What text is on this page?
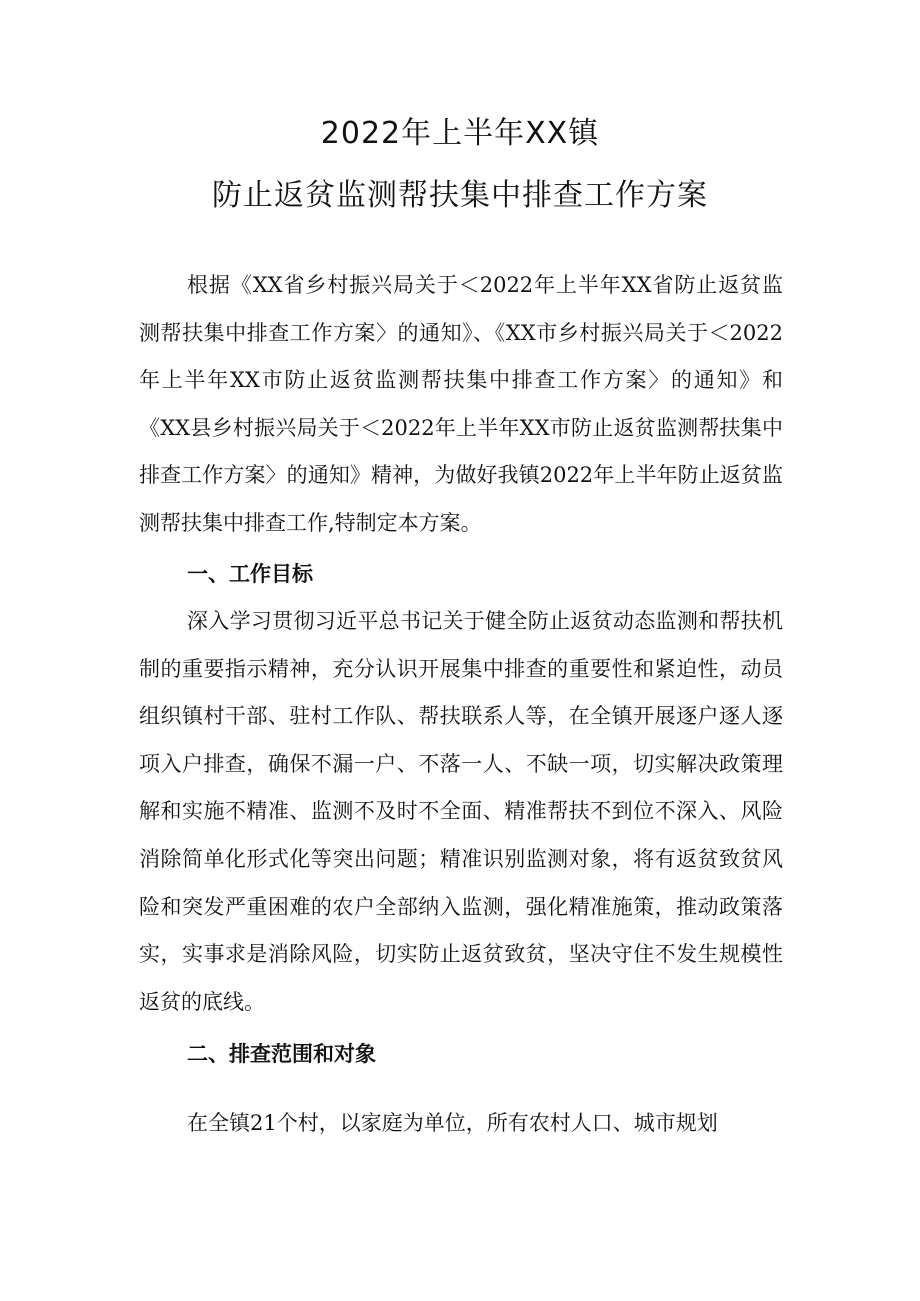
2022年上半年XX镇
防止返贫监测帮扶集中排查工作方案

根据《XX省乡村振兴局关于＜2022年上半年XX省防止返贫监测帮扶集中排查工作方案〉的通知》、《XX市乡村振兴局关于＜2022年上半年XX市防止返贫监测帮扶集中排查工作方案〉的通知》和《XX县乡村振兴局关于＜2022年上半年XX市防止返贫监测帮扶集中排查工作方案〉的通知》精神，为做好我镇2022年上半年防止返贫监测帮扶集中排查工作,特制定本方案。

一、工作目标

深入学习贯彻习近平总书记关于健全防止返贫动态监测和帮扶机制的重要指示精神，充分认识开展集中排查的重要性和紧迫性，动员组织镇村干部、驻村工作队、帮扶联系人等，在全镇开展逐户逐人逐项入户排查，确保不漏一户、不落一人、不缺一项，切实解决政策理解和实施不精准、监测不及时不全面、精准帮扶不到位不深入、风险消除简单化形式化等突出问题；精准识别监测对象，将有返贫致贫风险和突发严重困难的农户全部纳入监测，强化精准施策，推动政策落实，实事求是消除风险，切实防止返贫致贫，坚决守住不发生规模性返贫的底线。

二、排查范围和对象

在全镇21个村，以家庭为单位，所有农村人口、城市规划
